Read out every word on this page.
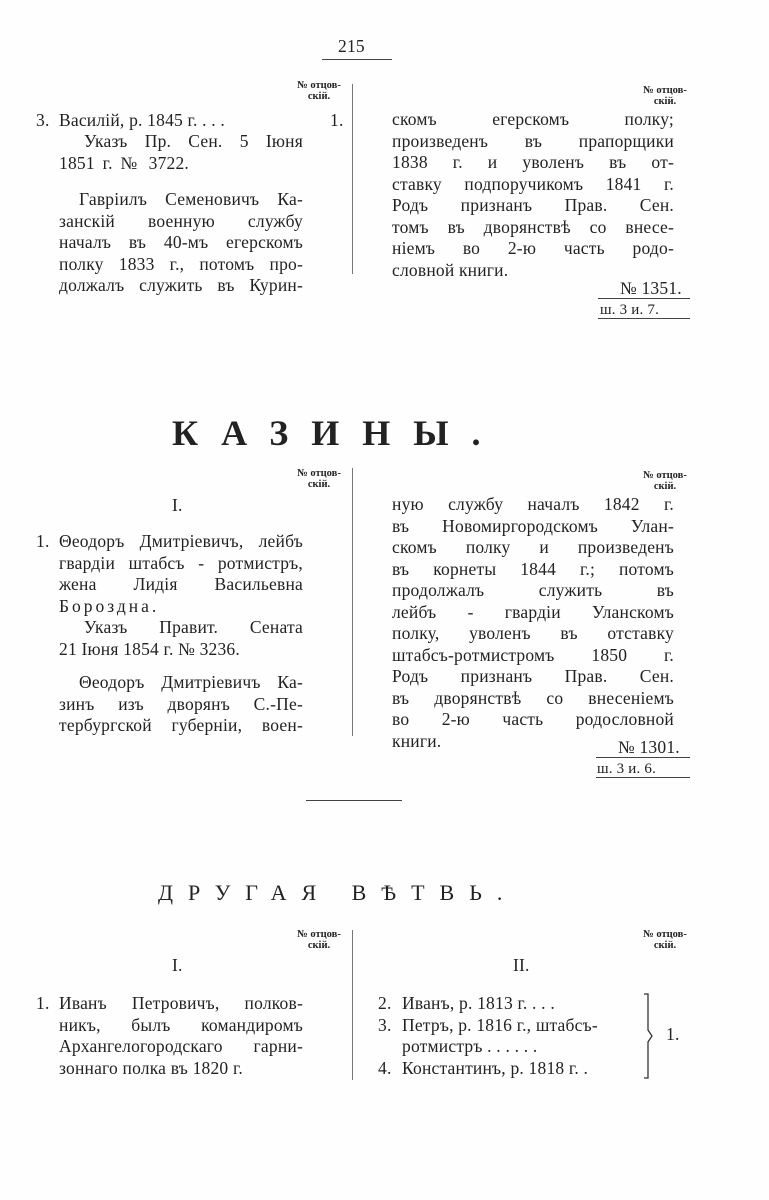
215
№ отцов-
скій.
№ отцов-
скій.
3. Василій, р. 1845 г. . . .	1.
Указъ Пр. Сен. 5 Іюня
1851 г. № 3722.
Гавріилъ Семеновичъ Ка-
занскій военную службу
началъ въ 40-мъ егерскомъ
полку 1833 г., потомъ про-
должалъ служить въ Курин-
скомъ егерскомъ полку;
произведенъ въ прапорщики
1838 г. и уволенъ въ от-
ставку подпоручикомъ 1841 г.
Родъ признанъ Прав. Сен.
томъ въ дворянствѣ со внесе-
ніемъ во 2-ю часть родо-
словной книги.
№ 1351.
ш. 3 и. 7.
КАЗИНЫ.
№ отцов-
скій.
№ отцов-
скій.
I.
1. Θеодоръ Дмитріевичъ, лейбъ
гвардіи штабсъ - ротмистръ,
жена Лидія Васильевна
Бороздна.
Указъ Правит. Сената
21 Іюня 1854 г. № 3236.
Θеодоръ Дмитріевичъ Ка-
зинъ изъ дворянъ С.-Пе-
тербургской губерніи, воен-
ную службу началъ 1842 г.
въ Новомиргородскомъ Улан-
скомъ полку и произведенъ
въ корнеты 1844 г.; потомъ
продолжалъ служить въ
лейбъ - гвардіи Уланскомъ
полку, уволенъ въ отставку
штабсъ-ротмистромъ 1850 г.
Родъ признанъ Прав. Сен.
въ дворянствѣ со внесеніемъ
во 2-ю часть родословной
книги.	№ 1301.
ш. 3 и. 6.
ДРУГАЯ ВѢТВЬ.
№ отцов-
скій.
№ отцов-
скій.
I.	II.
1. Иванъ Петровичъ, полков-
никъ, былъ командиромъ
Архангелогородскаго гарни-
зоннаго полка въ 1820 г.
2. Иванъ, р. 1813 г. . . .
3. Петръ, р. 1816 г., штабсъ-
ротмистръ . . . . . .
4. Константинъ, р. 1818 г. .
1.
